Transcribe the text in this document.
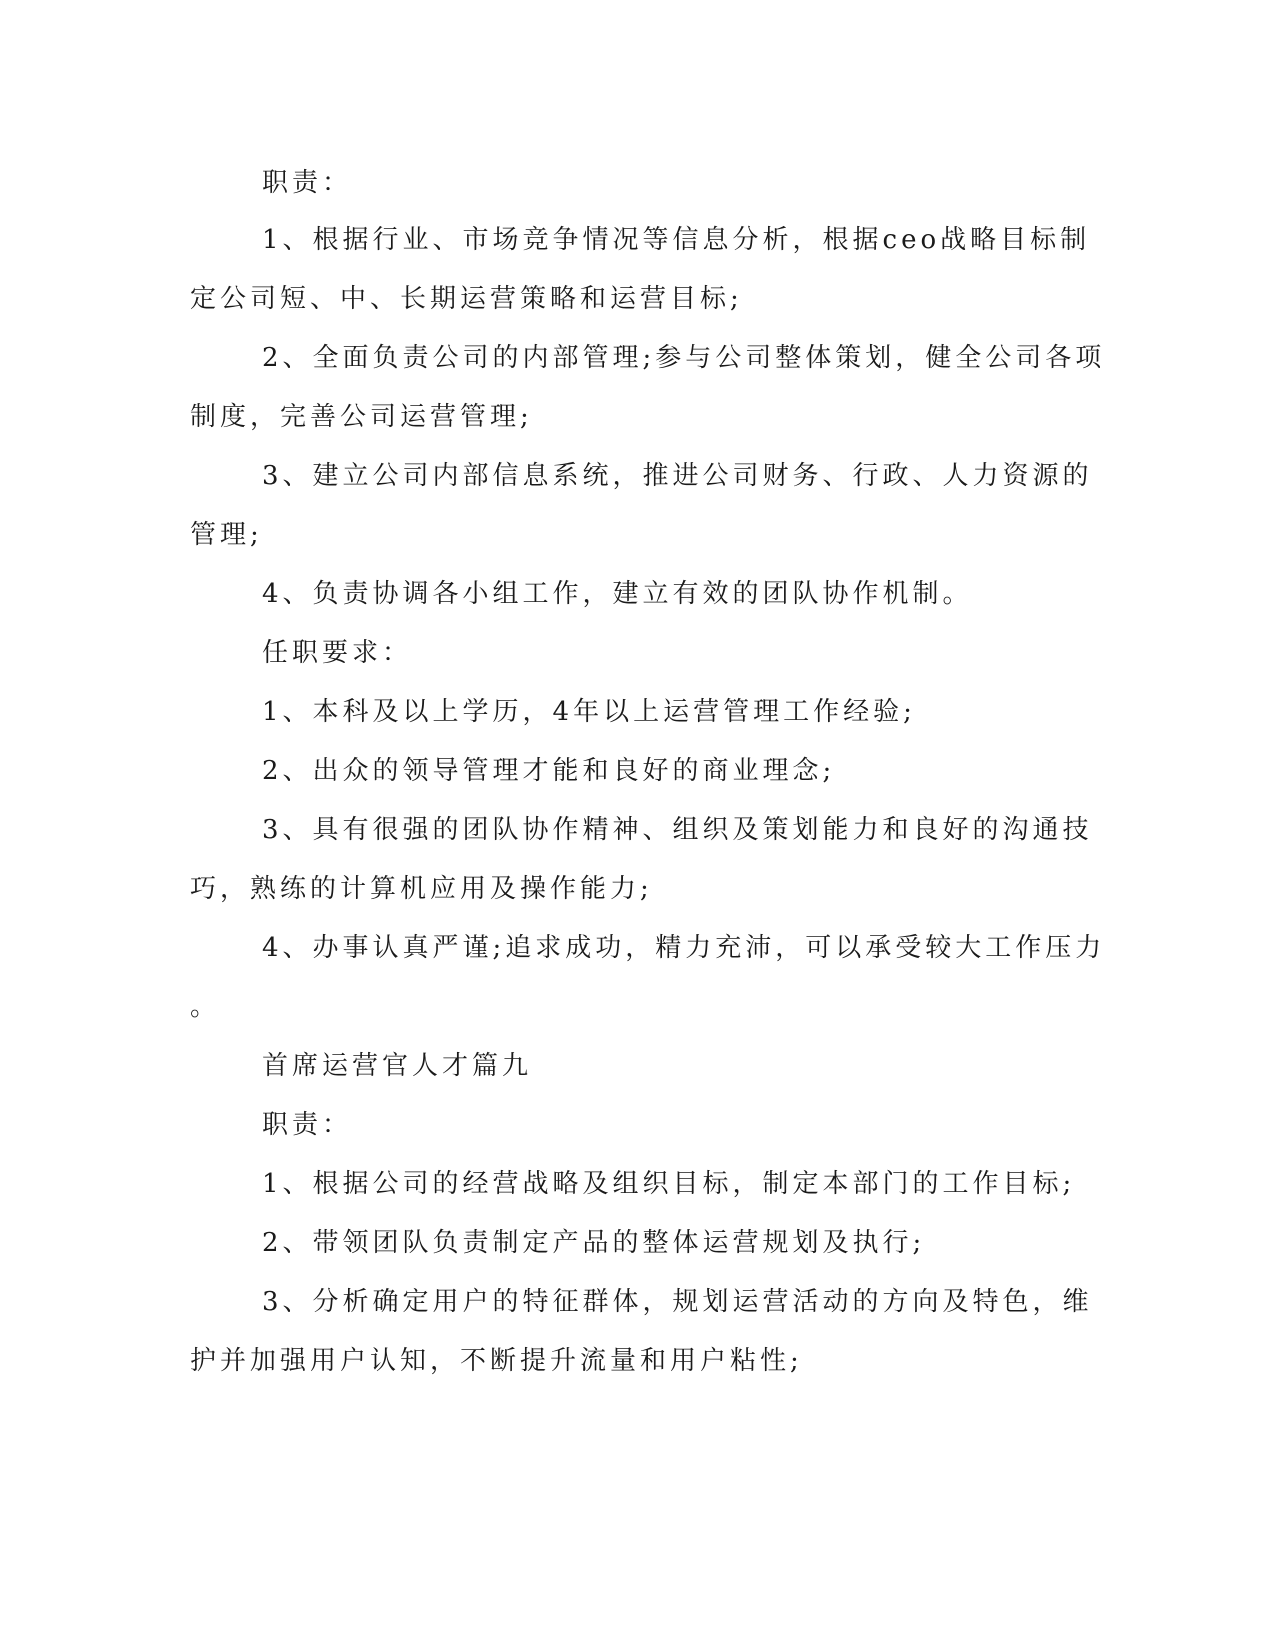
职责：
1、根据行业、市场竞争情况等信息分析，根据ceo战略目标制
定公司短、中、长期运营策略和运营目标;
2、全面负责公司的内部管理;参与公司整体策划，健全公司各项
制度，完善公司运营管理;
3、建立公司内部信息系统，推进公司财务、行政、人力资源的
管理;
4、负责协调各小组工作，建立有效的团队协作机制。
任职要求：
1、本科及以上学历，4年以上运营管理工作经验;
2、出众的领导管理才能和良好的商业理念;
3、具有很强的团队协作精神、组织及策划能力和良好的沟通技
巧，熟练的计算机应用及操作能力;
4、办事认真严谨;追求成功，精力充沛，可以承受较大工作压力
。
首席运营官人才篇九
职责：
1、根据公司的经营战略及组织目标，制定本部门的工作目标;
2、带领团队负责制定产品的整体运营规划及执行;
3、分析确定用户的特征群体，规划运营活动的方向及特色，维
护并加强用户认知，不断提升流量和用户粘性;
